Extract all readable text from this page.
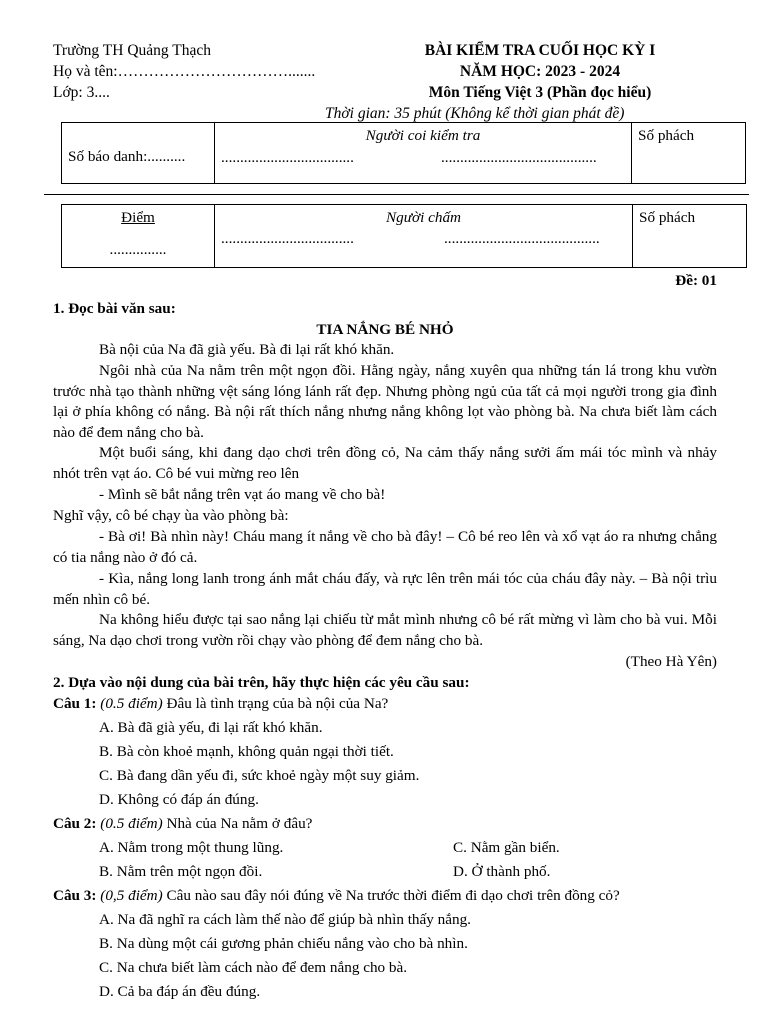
Trường TH Quảng Thạch
Họ và tên:…………………………….......
Lớp: 3....
BÀI KIỂM TRA CUỐI HỌC KỲ I
NĂM HỌC: 2023 - 2024
Môn Tiếng Việt 3 (Phần đọc hiểu)
Thời gian: 35 phút (Không kể thời gian phát đề)
Số báo danh:..........
Người coi kiểm tra
...................................	.........................................
Số phách
Điểm
...............
Người chấm
...................................	.........................................
Số phách
Đề: 01
1. Đọc bài văn sau:
TIA NẮNG BÉ NHỎ
Bà nội của Na đã già yếu. Bà đi lại rất khó khăn.
Ngôi nhà của Na nằm trên một ngọn đồi. Hằng ngày, nắng xuyên qua những tán lá trong khu vườn trước nhà tạo thành những vệt sáng lóng lánh rất đẹp. Nhưng phòng ngủ của tất cả mọi người trong gia đình lại ở phía không có nắng. Bà nội rất thích nắng nhưng nắng không lọt vào phòng bà. Na chưa biết làm cách nào để đem nắng cho bà.
Một buổi sáng, khi đang dạo chơi trên đồng cỏ, Na cảm thấy nắng sưởi ấm mái tóc mình và nhảy nhót trên vạt áo. Cô bé vui mừng reo lên
- Mình sẽ bắt nắng trên vạt áo mang về cho bà!
Nghĩ vậy, cô bé chạy ùa vào phòng bà:
- Bà ơi! Bà nhìn này! Cháu mang ít nắng về cho bà đây! – Cô bé reo lên và xổ vạt áo ra nhưng chẳng có tia nắng nào ở đó cả.
- Kìa, nắng long lanh trong ánh mắt cháu đấy, và rực lên trên mái tóc của cháu đây này. – Bà nội trìu mến nhìn cô bé.
Na không hiểu được tại sao nắng lại chiếu từ mắt mình nhưng cô bé rất mừng vì làm cho bà vui. Mỗi sáng, Na dạo chơi trong vườn rồi chạy vào phòng để đem nắng cho bà.
(Theo Hà Yên)
2. Dựa vào nội dung của bài trên, hãy thực hiện các yêu cầu sau:
Câu 1: (0.5 điểm) Đâu là tình trạng của bà nội của Na?
A. Bà đã già yếu, đi lại rất khó khăn.
B. Bà còn khoẻ mạnh, không quản ngại thời tiết.
C. Bà đang dần yếu đi, sức khoẻ ngày một suy giảm.
D. Không có đáp án đúng.
Câu 2: (0.5 điểm) Nhà của Na nằm ở đâu?
A. Nằm trong một thung lũng.	C. Nằm gần biển.
B. Nằm trên một ngọn đồi.	D. Ở thành phố.
Câu 3: (0,5 điểm) Câu nào sau đây nói đúng về Na trước thời điểm đi dạo chơi trên đồng cỏ?
A. Na đã nghĩ ra cách làm thế nào để giúp bà nhìn thấy nắng.
B. Na dùng một cái gương phản chiếu nắng vào cho bà nhìn.
C. Na chưa biết làm cách nào để đem nắng cho bà.
D. Cả ba đáp án đều đúng.
